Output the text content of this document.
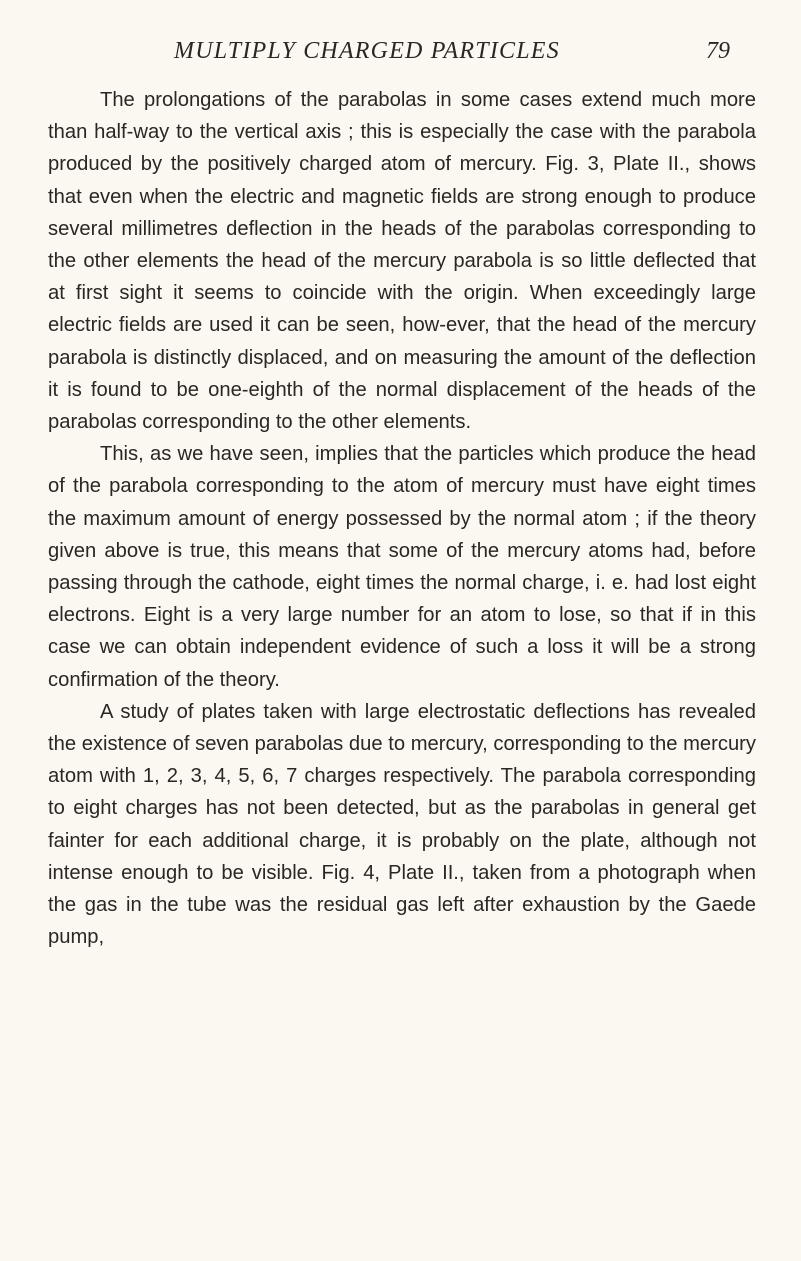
MULTIPLY CHARGED PARTICLES	79

The prolongations of the parabolas in some cases extend much more than half-way to the vertical axis ; this is especially the case with the parabola produced by the positively charged atom of mercury. Fig. 3, Plate II., shows that even when the electric and magnetic fields are strong enough to produce several millimetres deflection in the heads of the parabolas corresponding to the other elements the head of the mercury parabola is so little deflected that at first sight it seems to coincide with the origin. When exceedingly large electric fields are used it can be seen, how-ever, that the head of the mercury parabola is distinctly displaced, and on measuring the amount of the deflection it is found to be one-eighth of the normal displacement of the heads of the parabolas corresponding to the other elements.

This, as we have seen, implies that the particles which produce the head of the parabola corresponding to the atom of mercury must have eight times the maximum amount of energy possessed by the normal atom ; if the theory given above is true, this means that some of the mercury atoms had, before passing through the cathode, eight times the normal charge, i. e. had lost eight electrons. Eight is a very large number for an atom to lose, so that if in this case we can obtain independent evidence of such a loss it will be a strong confirmation of the theory.

A study of plates taken with large electrostatic deflections has revealed the existence of seven parabolas due to mercury, corresponding to the mercury atom with 1, 2, 3, 4, 5, 6, 7 charges respectively. The parabola corresponding to eight charges has not been detected, but as the parabolas in general get fainter for each additional charge, it is probably on the plate, although not intense enough to be visible. Fig. 4, Plate II., taken from a photograph when the gas in the tube was the residual gas left after exhaustion by the Gaede pump,
